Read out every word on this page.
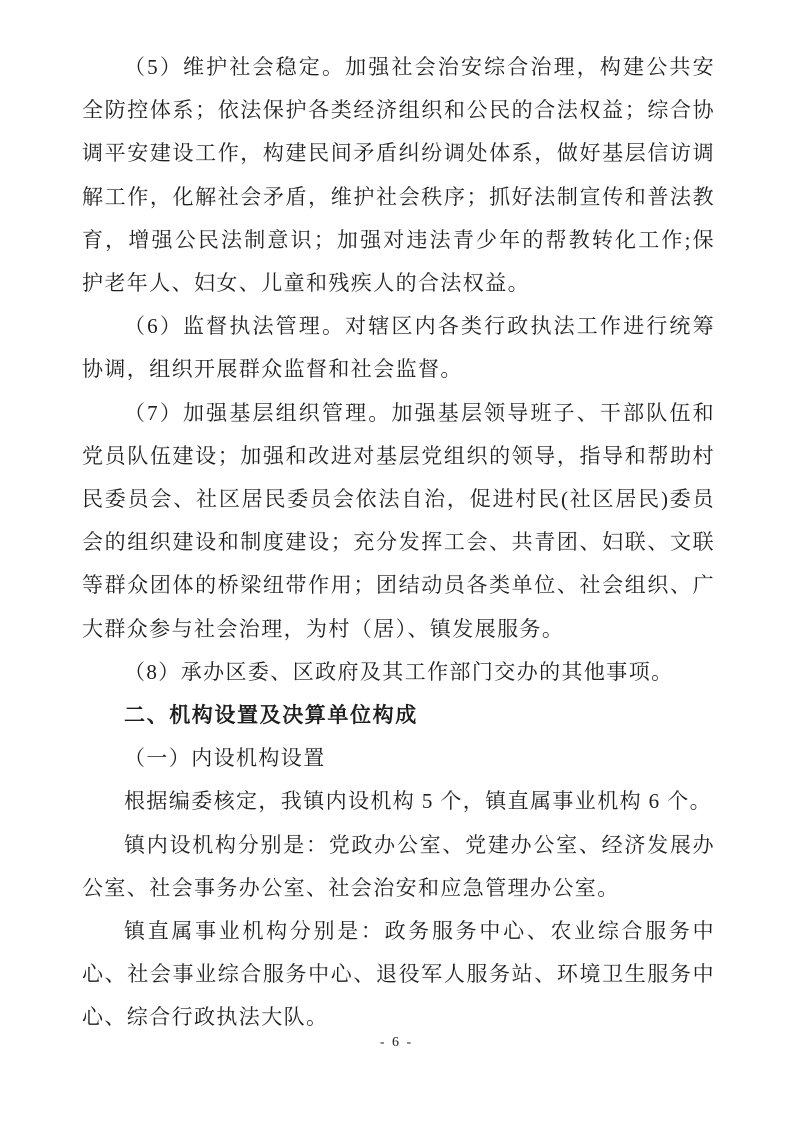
（5）维护社会稳定。加强社会治安综合治理，构建公共安全防控体系；依法保护各类经济组织和公民的合法权益；综合协调平安建设工作，构建民间矛盾纠纷调处体系，做好基层信访调解工作，化解社会矛盾，维护社会秩序；抓好法制宣传和普法教育，增强公民法制意识；加强对违法青少年的帮教转化工作;保护老年人、妇女、儿童和残疾人的合法权益。

（6）监督执法管理。对辖区内各类行政执法工作进行统筹协调，组织开展群众监督和社会监督。

（7）加强基层组织管理。加强基层领导班子、干部队伍和党员队伍建设；加强和改进对基层党组织的领导，指导和帮助村民委员会、社区居民委员会依法自治，促进村民(社区居民)委员会的组织建设和制度建设；充分发挥工会、共青团、妇联、文联等群众团体的桥梁纽带作用；团结动员各类单位、社会组织、广大群众参与社会治理，为村（居）、镇发展服务。

（8）承办区委、区政府及其工作部门交办的其他事项。

二、机构设置及决算单位构成

（一）内设机构设置

根据编委核定，我镇内设机构 5 个，镇直属事业机构 6 个。

镇内设机构分别是：党政办公室、党建办公室、经济发展办公室、社会事务办公室、社会治安和应急管理办公室。

镇直属事业机构分别是：政务服务中心、农业综合服务中心、社会事业综合服务中心、退役军人服务站、环境卫生服务中心、综合行政执法大队。

- 6 -
